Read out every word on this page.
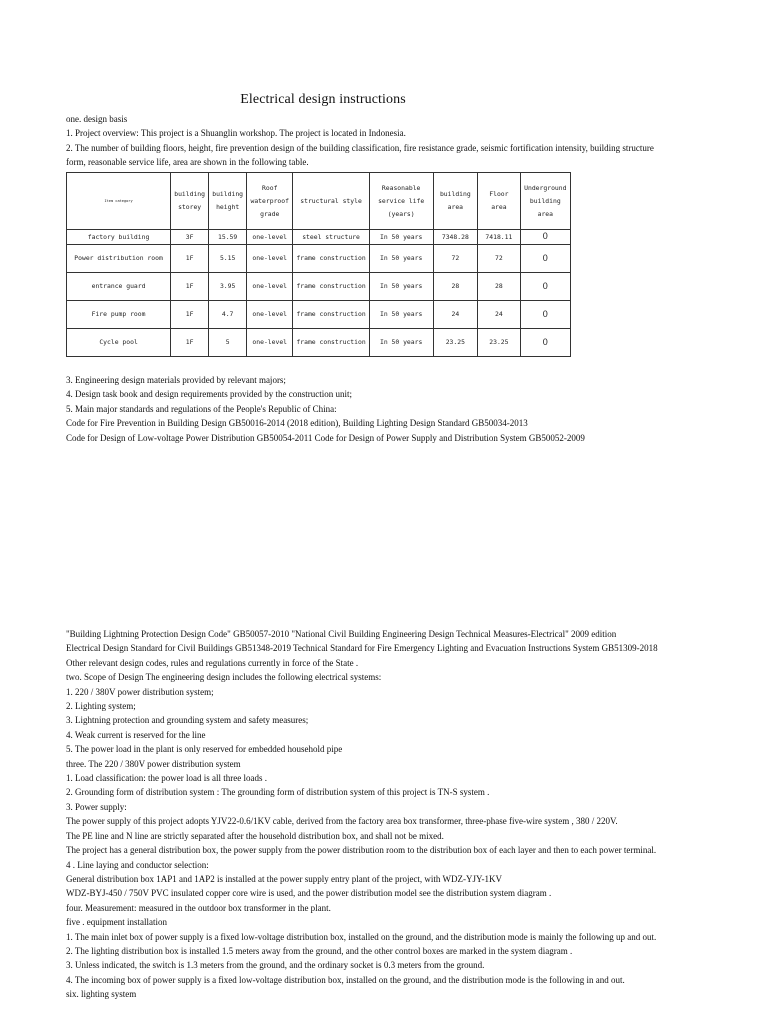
Electrical design instructions
one. design basis
1. Project overview: This project is a Shuanglin workshop. The project is located in Indonesia.
2. The number of building floors, height, fire prevention design of the building classification, fire resistance grade, seismic fortification intensity, building structure
form, reasonable service life, area are shown in the following table.
Item category	building storey	building height	Roof waterproof grade	structural style	Reasonable service life (years)	building area	Floor area	Underground building area
factory building	3F	15.59	one-level	steel structure	In 50 years	7348.28	7418.11	0
Power distribution room	1F	5.15	one-level	frame construction	In 50 years	72	72	0
entrance guard	1F	3.95	one-level	frame construction	In 50 years	28	28	0
Fire pump room	1F	4.7	one-level	frame construction	In 50 years	24	24	0
Cycle pool	1F	5	one-level	frame construction	In 50 years	23.25	23.25	0
3. Engineering design materials provided by relevant majors;
4. Design task book and design requirements provided by the construction unit;
5. Main major standards and regulations of the People's Republic of China:
Code for Fire Prevention in Building Design GB50016-2014 (2018 edition), Building Lighting Design Standard GB50034-2013
Code for Design of Low-voltage Power Distribution GB50054-2011 Code for Design of Power Supply and Distribution System GB50052-2009
"Building Lightning Protection Design Code" GB50057-2010 "National Civil Building Engineering Design Technical Measures-Electrical" 2009 edition
Electrical Design Standard for Civil Buildings GB51348-2019 Technical Standard for Fire Emergency Lighting and Evacuation Instructions System GB51309-2018
Other relevant design codes, rules and regulations currently in force of the State .
two. Scope of Design The engineering design includes the following electrical systems:
1. 220 / 380V power distribution system;
2. Lighting system;
3. Lightning protection and grounding system and safety measures;
4. Weak current is reserved for the line
5. The power load in the plant is only reserved for embedded household pipe
three. The 220 / 380V power distribution system
1. Load classification: the power load is all three loads .
2. Grounding form of distribution system : The grounding form of distribution system of this project is TN-S system .
3. Power supply:
The power supply of this project adopts YJV22-0.6/1KV cable, derived from the factory area box transformer, three-phase five-wire system , 380 / 220V.
The PE line and N line are strictly separated after the household distribution box, and shall not be mixed.
The project has a general distribution box, the power supply from the power distribution room to the distribution box of each layer and then to each power terminal.
4 . Line laying and conductor selection:
General distribution box 1AP1 and 1AP2 is installed at the power supply entry plant of the project, with WDZ-YJY-1KV
WDZ-BYJ-450 / 750V PVC insulated copper core wire is used, and the power distribution model see the distribution system diagram .
four. Measurement: measured in the outdoor box transformer in the plant.
five . equipment installation
1. The main inlet box of power supply is a fixed low-voltage distribution box, installed on the ground, and the distribution mode is mainly the following up and out.
2. The lighting distribution box is installed 1.5 meters away from the ground, and the other control boxes are marked in the system diagram .
3. Unless indicated, the switch is 1.3 meters from the ground, and the ordinary socket is 0.3 meters from the ground.
4. The incoming box of power supply is a fixed low-voltage distribution box, installed on the ground, and the distribution mode is the following in and out.
six. lighting system
